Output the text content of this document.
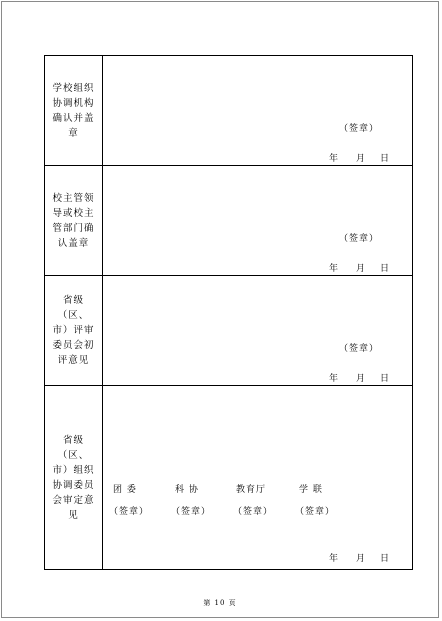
学校组织协调机构确认并盖章	（签章）
年 月 日
校主管领导或校主管部门确认盖章	（签章）
年 月 日
省级（区、市）评审委员会初评意见
（签章）
年 月 日
省级（区、市）组织协调委员会审定意见
团 委	科 协	教育厅	学 联
（签章） （签章） （签章） （签章）
年 月 日
第 10 页
